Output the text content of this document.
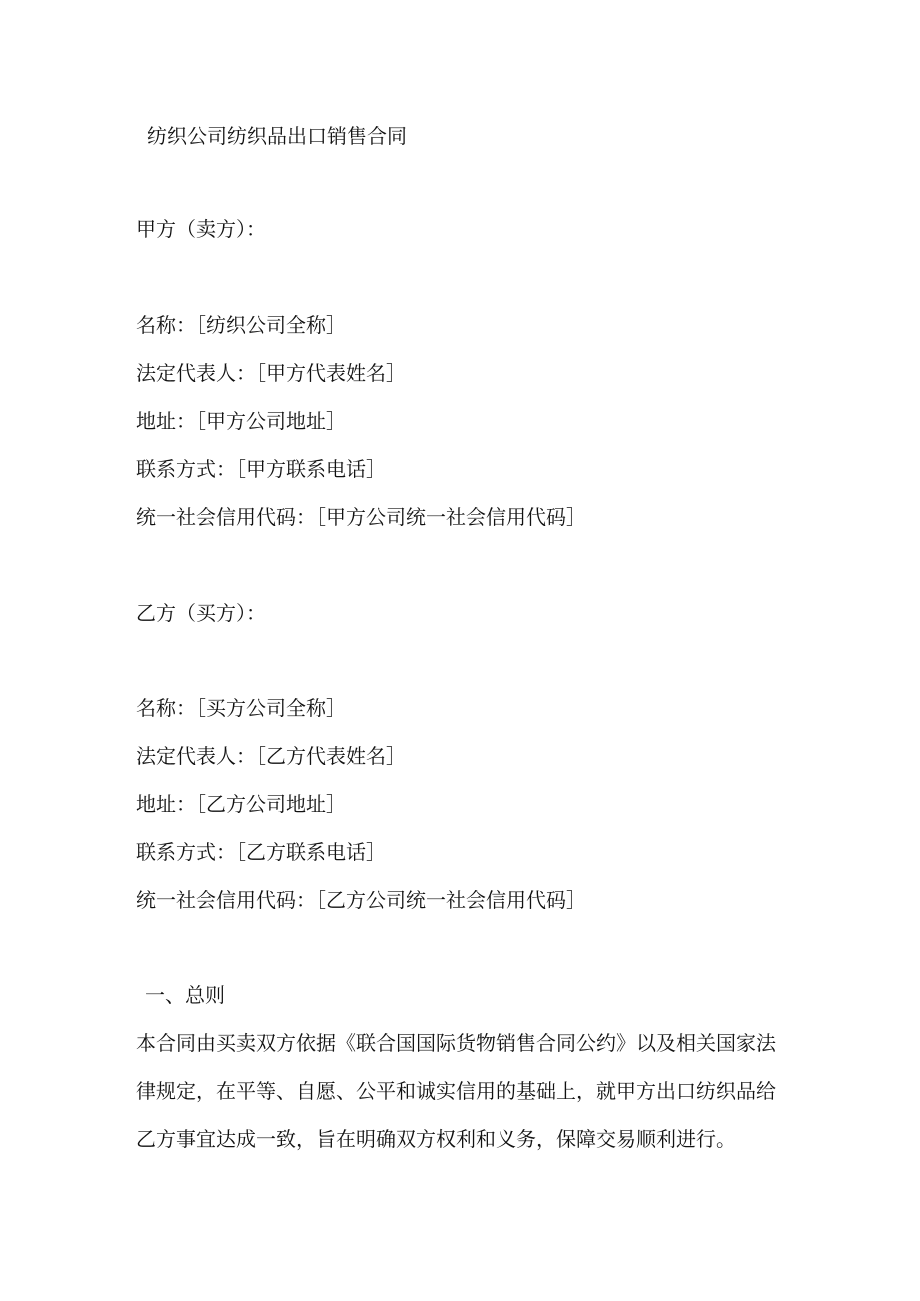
纺织公司纺织品出口销售合同
甲方（卖方）：
名称：［纺织公司全称］
法定代表人：［甲方代表姓名］
地址：［甲方公司地址］
联系方式：［甲方联系电话］
统一社会信用代码：［甲方公司统一社会信用代码］
乙方（买方）：
名称：［买方公司全称］
法定代表人：［乙方代表姓名］
地址：［乙方公司地址］
联系方式：［乙方联系电话］
统一社会信用代码：［乙方公司统一社会信用代码］
一、总则
本合同由买卖双方依据《联合国国际货物销售合同公约》以及相关国家法
律规定，在平等、自愿、公平和诚实信用的基础上，就甲方出口纺织品给
乙方事宜达成一致，旨在明确双方权利和义务，保障交易顺利进行。
